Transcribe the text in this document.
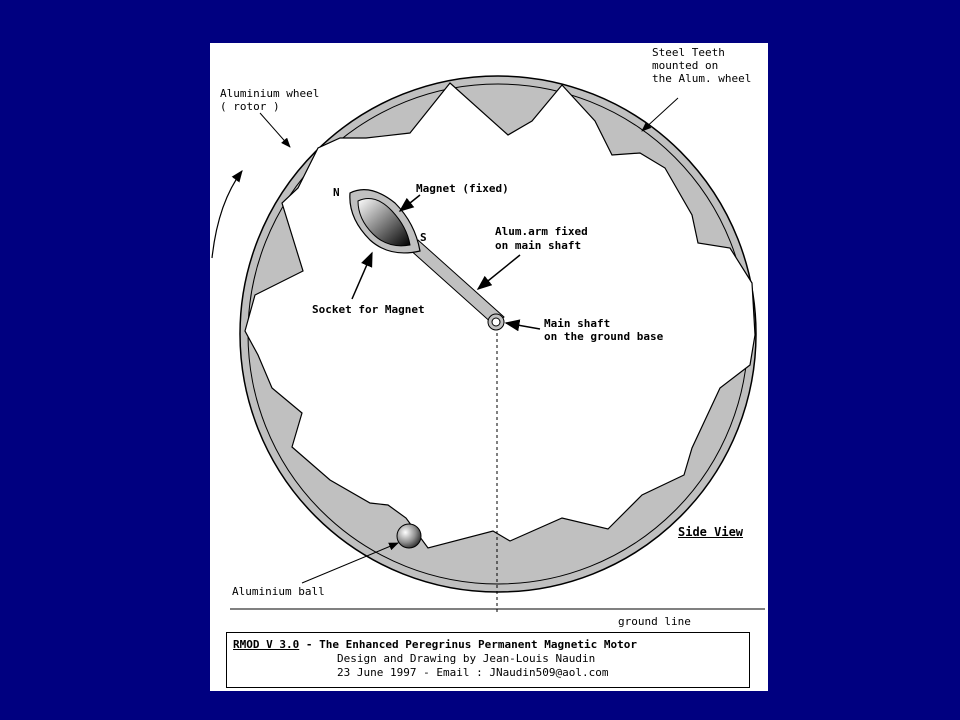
Steel Teeth
mounted on
the Alum. wheel
Aluminium wheel
( rotor )
N
S
Magnet (fixed)
Alum.arm fixed
on main shaft
Socket for Magnet
Main shaft
on the ground base
Side View
Aluminium ball
ground line
RMOD V 3.0 - The Enhanced Peregrinus Permanent Magnetic Motor
Design and Drawing by Jean-Louis Naudin
23 June 1997 - Email : JNaudin509@aol.com
